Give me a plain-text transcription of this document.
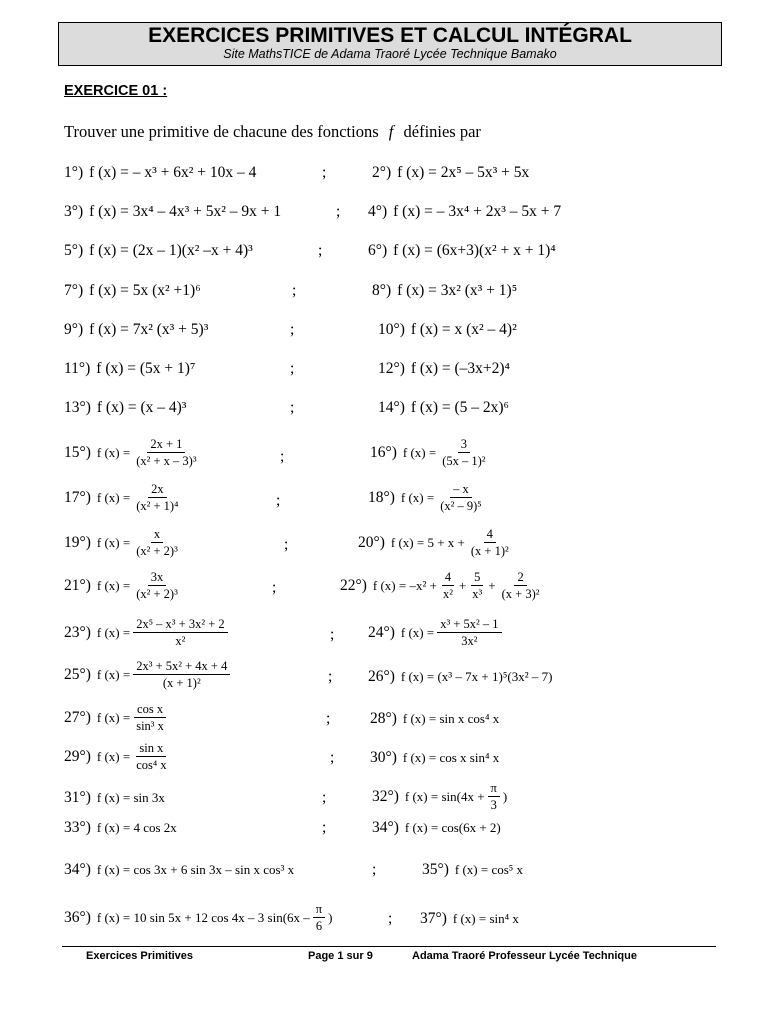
EXERCICES PRIMITIVES ET CALCUL INTÉGRAL
Site MathsTICE de Adama Traoré Lycée Technique Bamako
EXERCICE 01 :
Trouver une primitive de chacune des fonctions f définies par
1°) f (x) = – x³ + 6x² + 10x – 4	;	2°) f (x) = 2x⁵ – 5x³ + 5x
3°) f (x) = 3x⁴ – 4x³ + 5x² – 9x + 1	; 4°) f (x) = – 3x⁴ + 2x³ – 5x + 7
5°) f (x) = (2x – 1)(x² –x + 4)³	;	6°) f (x) = (6x+3)(x² + x + 1)⁴
7°) f (x) = 5x (x² +1)⁶	;	8°) f (x) = 3x² (x³ + 1)⁵
9°) f (x) = 7x² (x³ + 5)³	;	10°) f (x) = x (x² – 4)²
11°) f (x) = (5x + 1)⁷	;	12°) f (x) = (–3x+2)⁴
13°) f (x) = (x – 4)³	;	14°) f (x) = (5 – 2x)⁶
15°) f $(x) = \frac{2x + 1}{\text{(x² + x – 3)³}}$	;	16°) f $(x) = \frac{3}{\text{(5x – 1)²}}$
17°) f $(x) = \frac{2x}{\text{(x² + 1)⁴}}$	;	18°) f $(x) = \frac{- x}{\text{(x² – 9)⁵}}$
19°) f $(x) = \frac{x}{\text{(x² + 2)³}}$	;	20°) f $(x) = 5 + x + \frac{4}{\text{(x + 1)²}}$
21°) f $(x) = \frac{3x}{\text{(x² + 2)³}}$	;	22°) f $(x) = -x^2 + \frac{4}{\text{x²}} + \frac{5}{\text{x³}} + \frac{2}{\text{(x + 3)²}}$
23°) f $(x) = \frac{\text{2x⁵ – x³ + 3x² + 2}}{\text{x²}}$	; 24°) f $(x) = \frac{\text{x³ + 5x² – 1}}{\text{3x²}}$
25°) f $(x) = \frac{\text{2x³ + 5x² + 4x + 4}}{\text{(x + 1)²}}$	; 26°) f (x) = (x³ – 7x + 1)⁵(3x² – 7)
27°) f $(x) = \frac{\text{cos x}}{\text{sin³ x}}$	;	28°) f (x) = sin x cos⁴ x
29°) f $(x) = \frac{\text{sin x}}{\text{cos⁴ x}}$	; 30°) f (x) = cos x sin⁴ x
31°) f (x) = sin 3x	;	32°) f $(x) = \sin(4x + \frac{\pi}{3}$ )
33°) f (x) = 4 cos 2x	;	34°) f (x) = cos(6x + 2)
34°) f (x) = cos 3x + 6 sin 3x – sin x cos³ x	;	35°) f (x) = cos⁵ x
36°) f (x) = 10 sin 5x + 12 cos 4x – 3 $\sin(6x - \frac{\pi}{6}$ )	; 37°) f (x) = sin⁴ x
Exercices Primitives	Page 1 sur 9	Adama Traoré Professeur Lycée Technique
